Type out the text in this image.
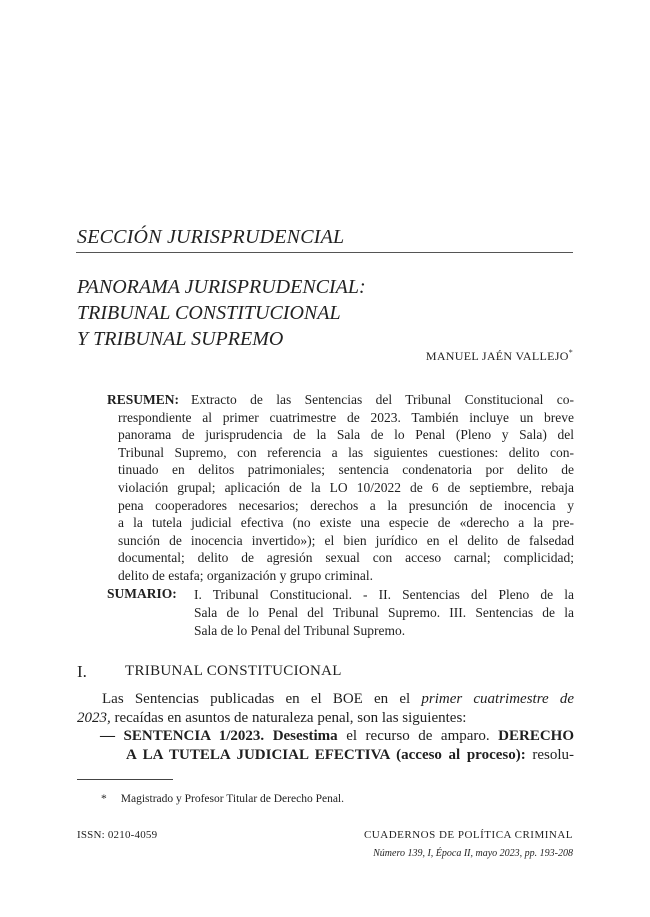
SECCIÓN JURISPRUDENCIAL
PANORAMA JURISPRUDENCIAL:
TRIBUNAL CONSTITUCIONAL
Y TRIBUNAL SUPREMO
MANUEL JAÉN VALLEJO*
RESUMEN: Extracto de las Sentencias del Tribunal Constitucional co-
rrespondiente al primer cuatrimestre de 2023. También incluye un breve
panorama de jurisprudencia de la Sala de lo Penal (Pleno y Sala) del
Tribunal Supremo, con referencia a las siguientes cuestiones: delito con-
tinuado en delitos patrimoniales; sentencia condenatoria por delito de
violación grupal; aplicación de la LO 10/2022 de 6 de septiembre, rebaja
pena cooperadores necesarios; derechos a la presunción de inocencia y
a la tutela judicial efectiva (no existe una especie de «derecho a la pre-
sunción de inocencia invertido»); el bien jurídico en el delito de falsedad
documental; delito de agresión sexual con acceso carnal; complicidad;
delito de estafa; organización y grupo criminal.
SUMARIO: I. Tribunal Constitucional. - II. Sentencias del Pleno de la
Sala de lo Penal del Tribunal Supremo. III. Sentencias de la
Sala de lo Penal del Tribunal Supremo.
I.	TRIBUNAL CONSTITUCIONAL
Las Sentencias publicadas en el BOE en el primer cuatrimestre de
2023, recaídas en asuntos de naturaleza penal, son las siguientes:
— SENTENCIA 1/2023. Desestima el recurso de amparo. DERECHO
A LA TUTELA JUDICIAL EFECTIVA (acceso al proceso): resolu-
* Magistrado y Profesor Titular de Derecho Penal.
ISSN: 0210-4059	CUADERNOS DE POLÍTICA CRIMINAL
Número 139, I, Época II, mayo 2023, pp. 193-208
